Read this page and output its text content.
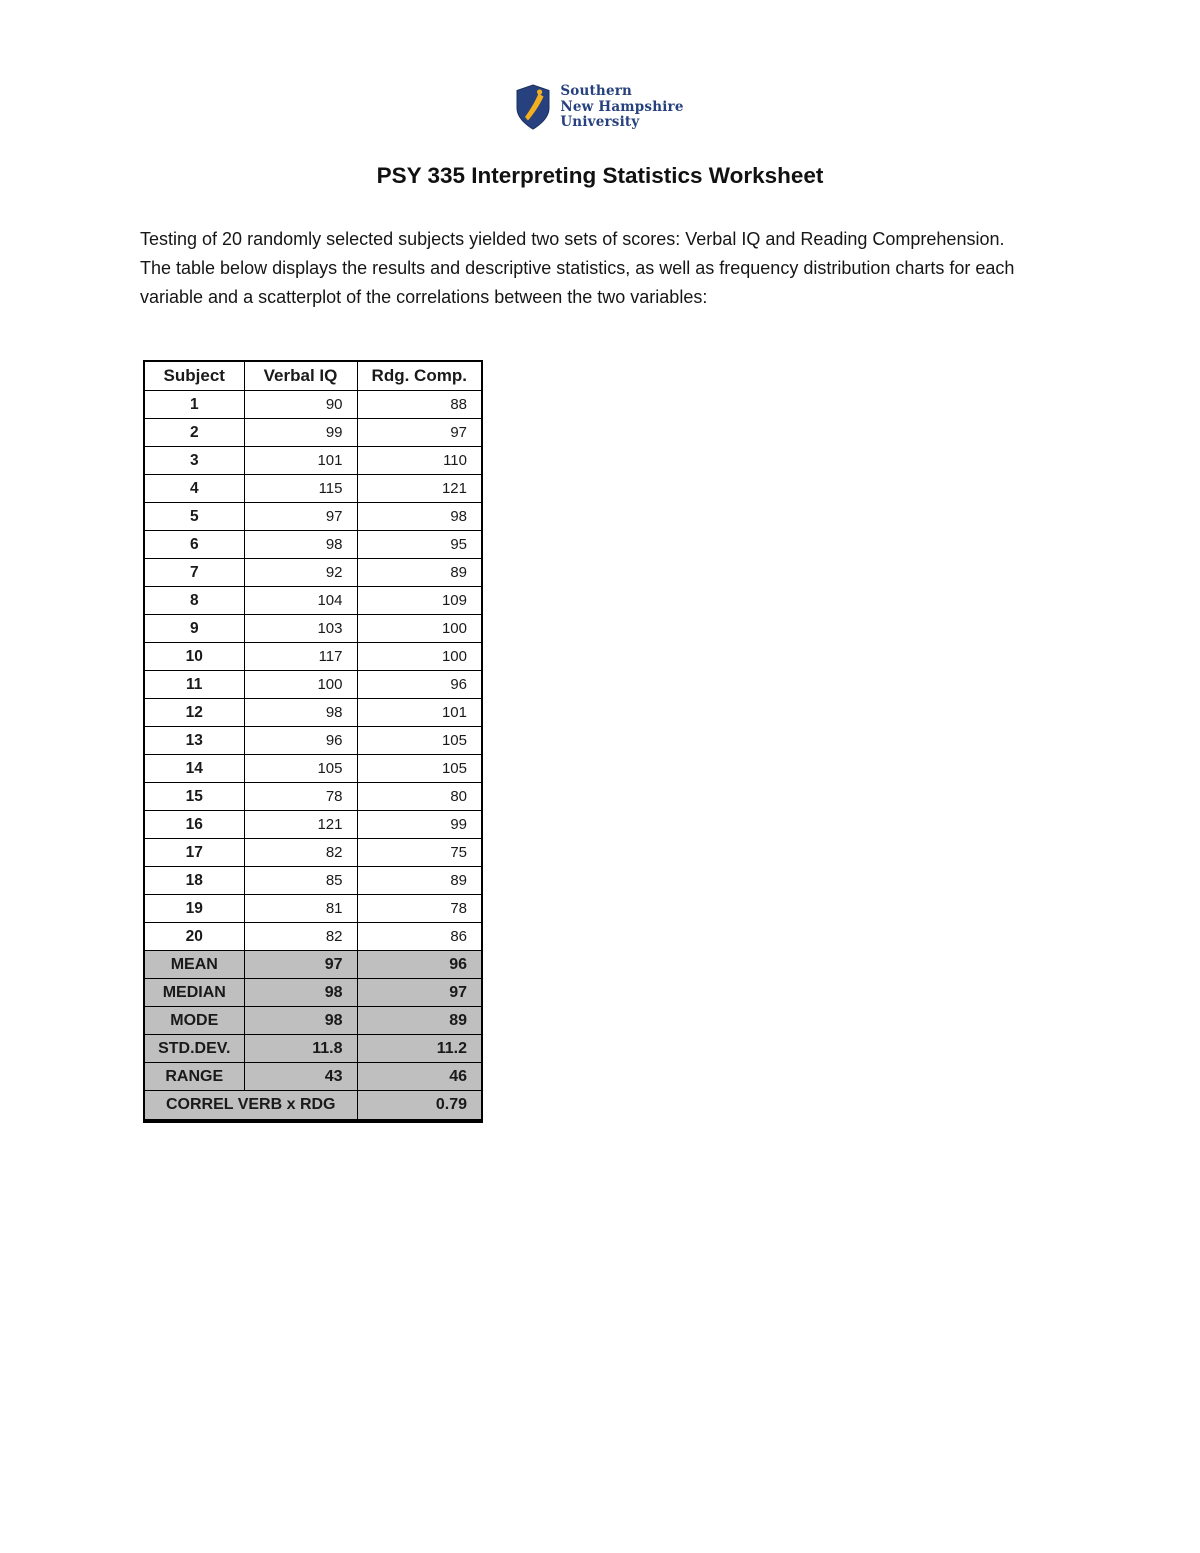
Southern
New Hampshire
University
PSY 335 Interpreting Statistics Worksheet

Testing of 20 randomly selected subjects yielded two sets of scores: Verbal IQ and Reading Comprehension. The table below displays the results and descriptive statistics, as well as frequency distribution charts for each variable and a scatterplot of the correlations between the two variables:

Subject	Verbal IQ	Rdg. Comp.
1	90	88
2	99	97
3	101	110
4	115	121
5	97	98
6	98	95
7	92	89
8	104	109
9	103	100
10	117	100
11	100	96
12	98	101
13	96	105
14	105	105
15	78	80
16	121	99
17	82	75
18	85	89
19	81	78
20	82	86
MEAN	97	96
MEDIAN	98	97
MODE	98	89
STD.DEV.	11.8	11.2
RANGE	43	46
CORREL VERB x RDG		0.79
